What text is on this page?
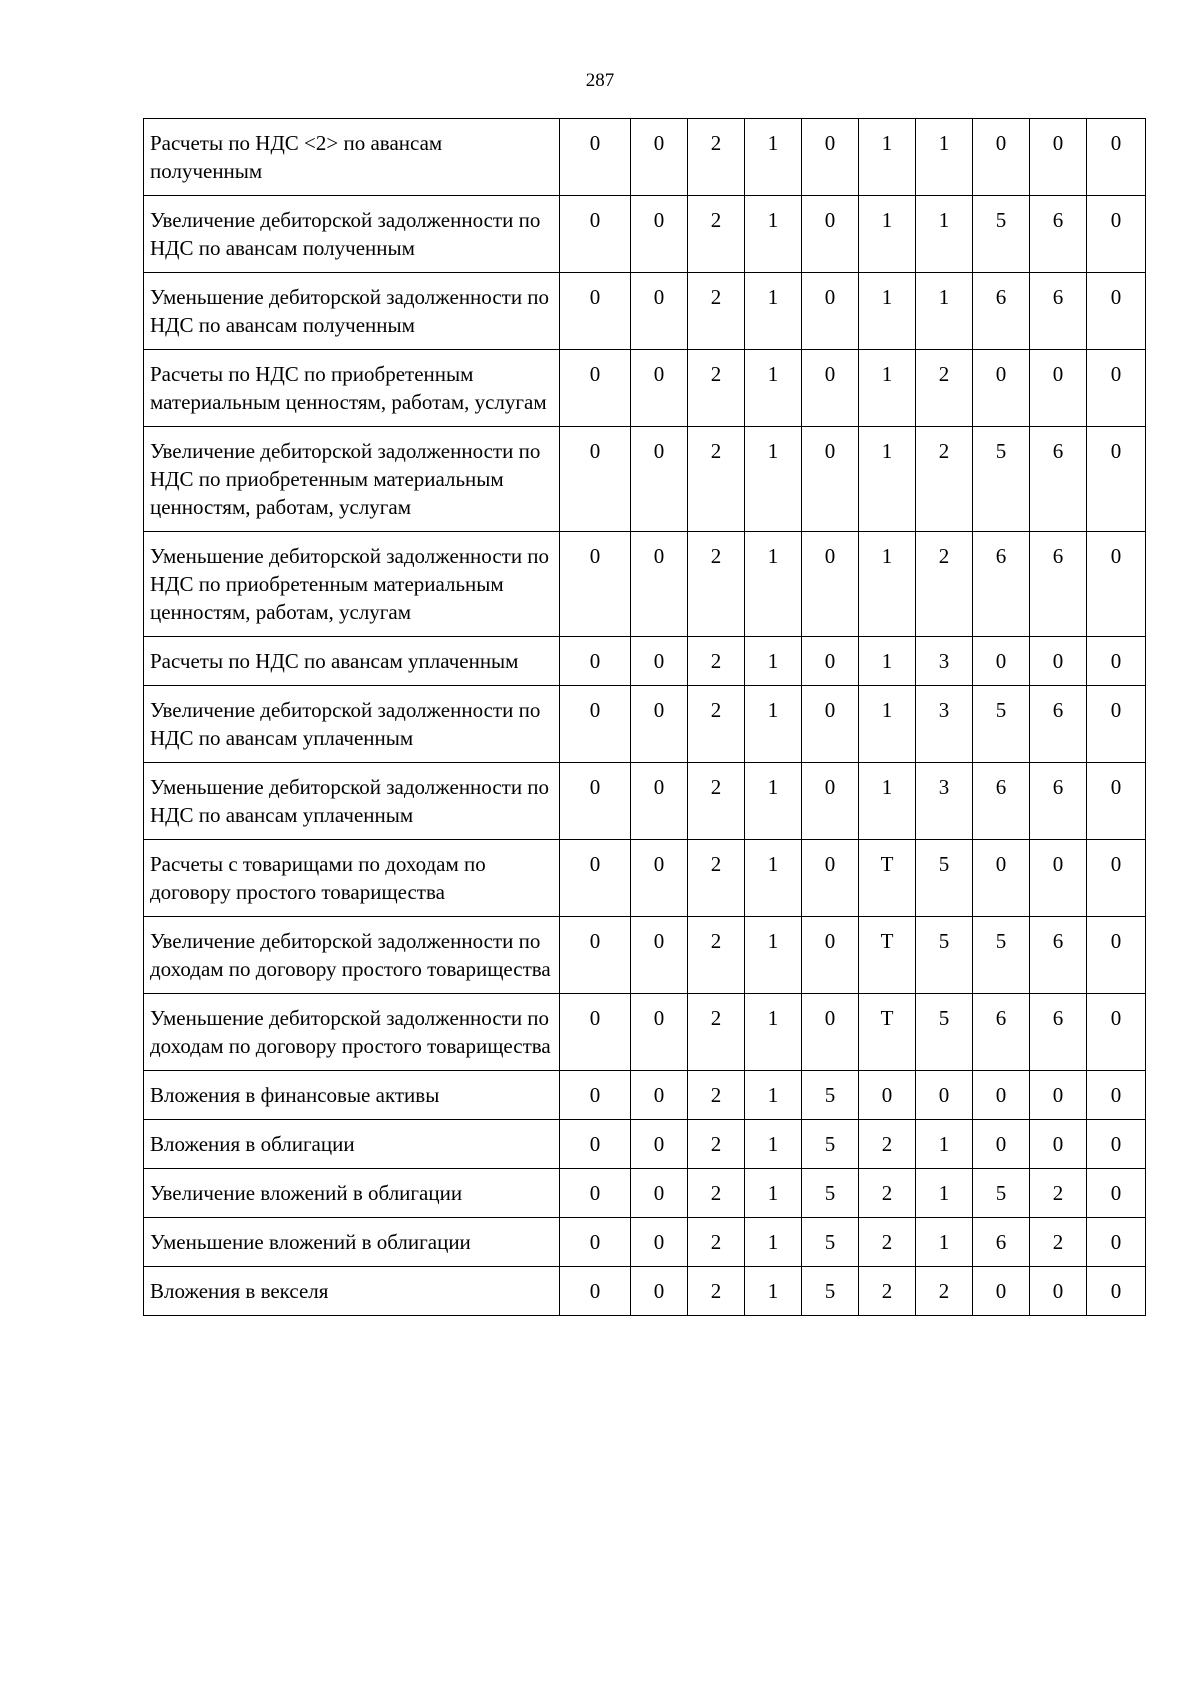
287
Расчеты по НДС <2> по авансам полученным	0	0	2	1	0	1	1	0	0	0
Увеличение дебиторской задолженности по НДС по авансам полученным	0	0	2	1	0	1	1	5	6	0
Уменьшение дебиторской задолженности по НДС по авансам полученным	0	0	2	1	0	1	1	6	6	0
Расчеты по НДС по приобретенным материальным ценностям, работам, услугам	0	0	2	1	0	1	2	0	0	0
Увеличение дебиторской задолженности по НДС по приобретенным материальным ценностям, работам, услугам	0	0	2	1	0	1	2	5	6	0
Уменьшение дебиторской задолженности по НДС по приобретенным материальным ценностям, работам, услугам	0	0	2	1	0	1	2	6	6	0
Расчеты по НДС по авансам уплаченным	0	0	2	1	0	1	3	0	0	0
Увеличение дебиторской задолженности по НДС по авансам уплаченным	0	0	2	1	0	1	3	5	6	0
Уменьшение дебиторской задолженности по НДС по авансам уплаченным	0	0	2	1	0	1	3	6	6	0
Расчеты с товарищами по доходам по договору простого товарищества	0	0	2	1	0	Т	5	0	0	0
Увеличение дебиторской задолженности по доходам по договору простого товарищества	0	0	2	1	0	Т	5	5	6	0
Уменьшение дебиторской задолженности по доходам по договору простого товарищества	0	0	2	1	0	Т	5	6	6	0
Вложения в финансовые активы	0	0	2	1	5	0	0	0	0	0
Вложения в облигации	0	0	2	1	5	2	1	0	0	0
Увеличение вложений в облигации	0	0	2	1	5	2	1	5	2	0
Уменьшение вложений в облигации	0	0	2	1	5	2	1	6	2	0
Вложения в векселя	0	0	2	1	5	2	2	0	0	0
